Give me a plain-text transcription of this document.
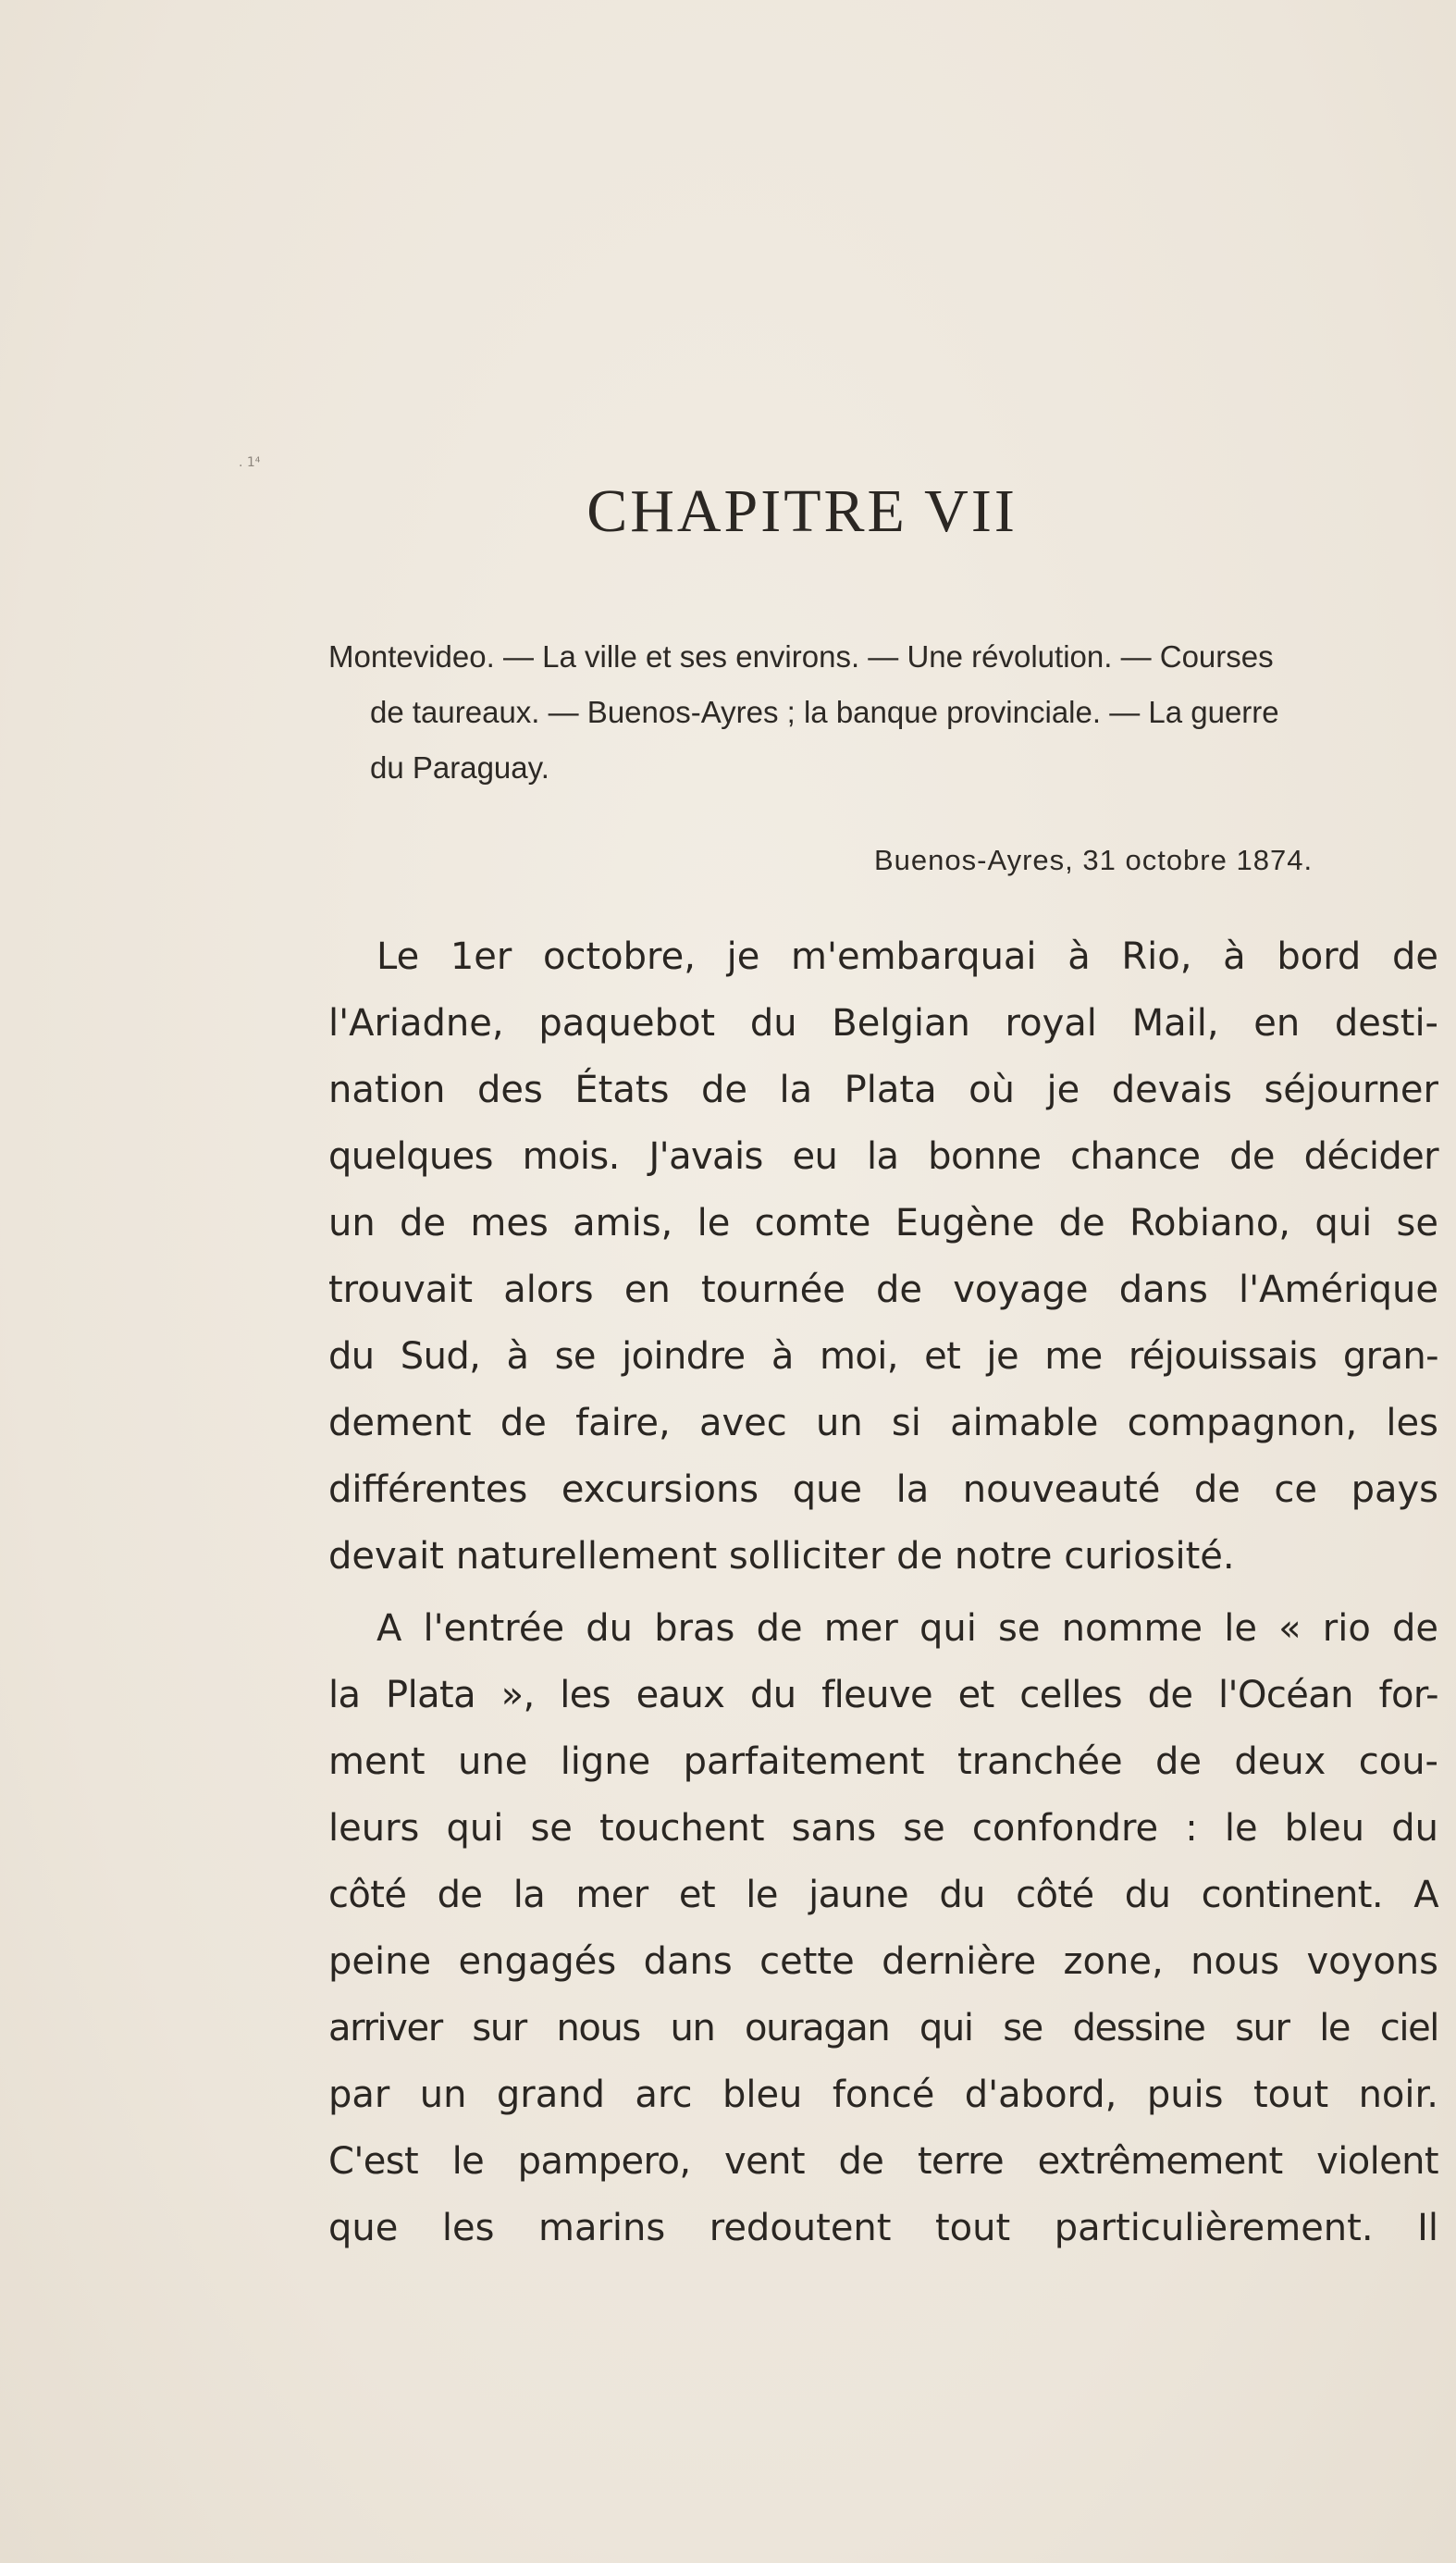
. 1⁴
CHAPITRE VII
Montevideo. — La ville et ses environs. — Une révolution. — Courses
de taureaux. — Buenos-Ayres ; la banque provinciale. — La guerre
du Paraguay.
Buenos-Ayres, 31 octobre 1874.
Le 1er octobre, je m'embarquai à Rio, à bord de
l'Ariadne, paquebot du Belgian royal Mail, en desti-
nation des États de la Plata où je devais séjourner
quelques mois. J'avais eu la bonne chance de décider
un de mes amis, le comte Eugène de Robiano, qui se
trouvait alors en tournée de voyage dans l'Amérique
du Sud, à se joindre à moi, et je me réjouissais gran-
dement de faire, avec un si aimable compagnon, les
différentes excursions que la nouveauté de ce pays
devait naturellement solliciter de notre curiosité.
A l'entrée du bras de mer qui se nomme le « rio de
la Plata », les eaux du fleuve et celles de l'Océan for-
ment une ligne parfaitement tranchée de deux cou-
leurs qui se touchent sans se confondre : le bleu du
côté de la mer et le jaune du côté du continent. A
peine engagés dans cette dernière zone, nous voyons
arriver sur nous un ouragan qui se dessine sur le ciel
par un grand arc bleu foncé d'abord, puis tout noir.
C'est le pampero, vent de terre extrêmement violent
que les marins redoutent tout particulièrement. Il
